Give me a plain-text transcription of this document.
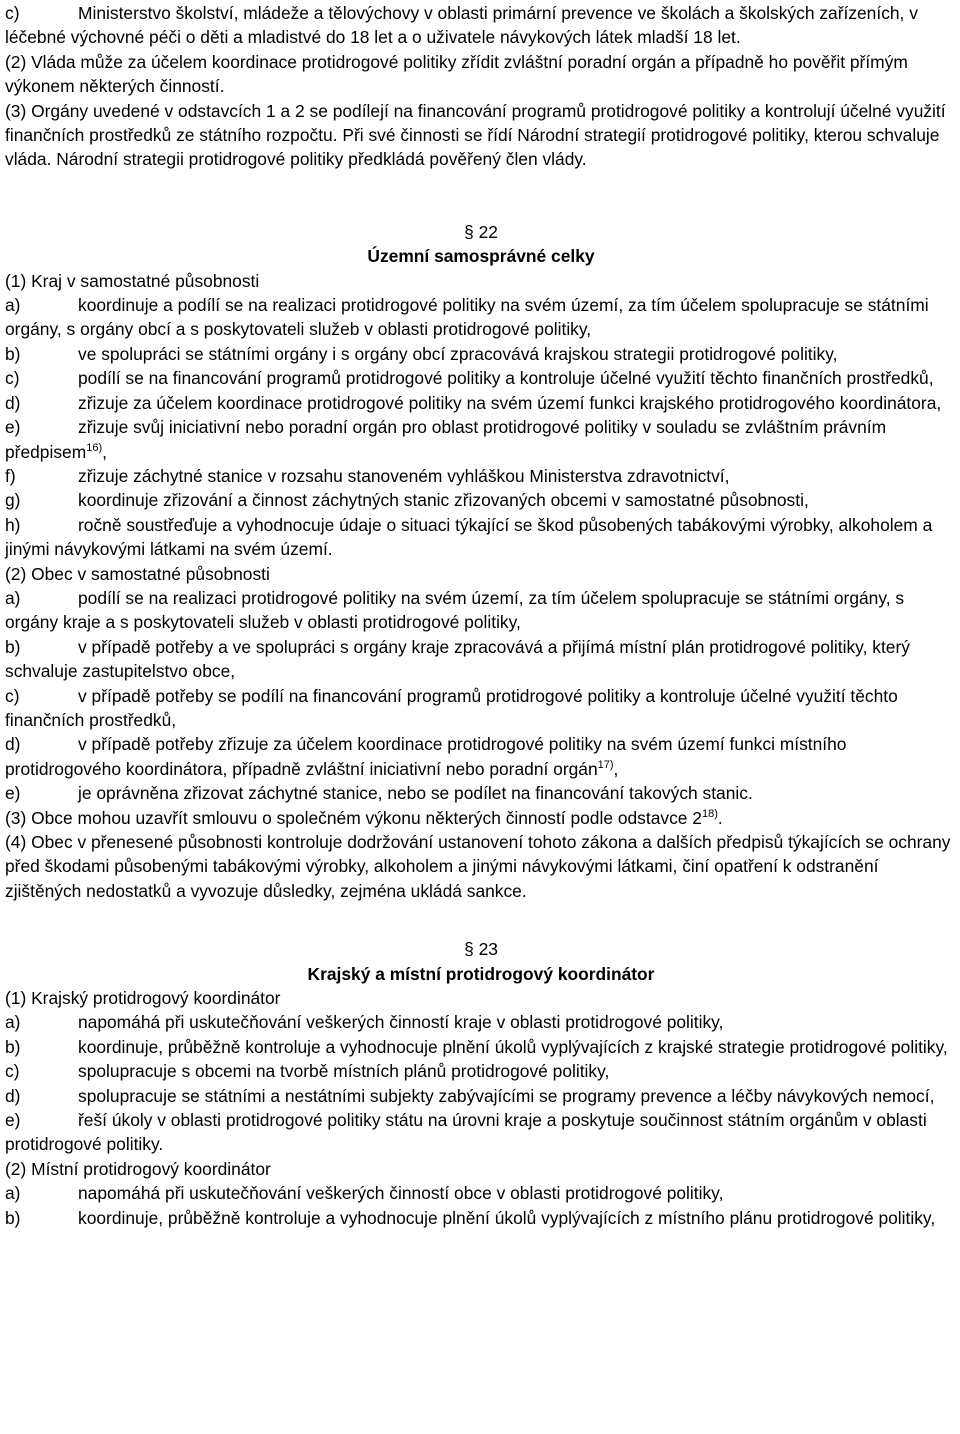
c)	Ministerstvo školství, mládeže a tělovýchovy v oblasti primární prevence ve školách a školských zařízeních, v léčebné výchovné péči o děti a mladistvé do 18 let a o uživatele návykových látek mladší 18 let.

(2) Vláda může za účelem koordinace protidrogové politiky zřídit zvláštní poradní orgán a případně ho pověřit přímým výkonem některých činností.

(3) Orgány uvedené v odstavcích 1 a 2 se podílejí na financování programů protidrogové politiky a kontrolují účelné využití finančních prostředků ze státního rozpočtu. Při své činnosti se řídí Národní strategií protidrogové politiky, kterou schvaluje vláda. Národní strategii protidrogové politiky předkládá pověřený člen vlády.

§ 22
Územní samosprávné celky

(1) Kraj v samostatné působnosti

a)	koordinuje a podílí se na realizaci protidrogové politiky na svém území, za tím účelem spolupracuje se státními orgány, s orgány obcí a s poskytovateli služeb v oblasti protidrogové politiky,

b)	ve spolupráci se státními orgány i s orgány obcí zpracovává krajskou strategii protidrogové politiky,

c)	podílí se na financování programů protidrogové politiky a kontroluje účelné využití těchto finančních prostředků,

d)	zřizuje za účelem koordinace protidrogové politiky na svém území funkci krajského protidrogového koordinátora,

e)	zřizuje svůj iniciativní nebo poradní orgán pro oblast protidrogové politiky v souladu se zvláštním právním předpisem$^{16)}$,

f)	zřizuje záchytné stanice v rozsahu stanoveném vyhláškou Ministerstva zdravotnictví,

g)	koordinuje zřizování a činnost záchytných stanic zřizovaných obcemi v samostatné působnosti,

h)	ročně soustřeďuje a vyhodnocuje údaje o situaci týkající se škod působených tabákovými výrobky, alkoholem a jinými návykovými látkami na svém území.

(2) Obec v samostatné působnosti

a)	podílí se na realizaci protidrogové politiky na svém území, za tím účelem spolupracuje se státními orgány, s orgány kraje a s poskytovateli služeb v oblasti protidrogové politiky,

b)	v případě potřeby a ve spolupráci s orgány kraje zpracovává a přijímá místní plán protidrogové politiky, který schvaluje zastupitelstvo obce,

c)	v případě potřeby se podílí na financování programů protidrogové politiky a kontroluje účelné využití těchto finančních prostředků,

d)	v případě potřeby zřizuje za účelem koordinace protidrogové politiky na svém území funkci místního protidrogového koordinátora, případně zvláštní iniciativní nebo poradní orgán$^{17)}$,

e)	je oprávněna zřizovat záchytné stanice, nebo se podílet na financování takových stanic.

(3) Obce mohou uzavřít smlouvu o společném výkonu některých činností podle odstavce 2$^{18)}$.

(4) Obec v přenesené působnosti kontroluje dodržování ustanovení tohoto zákona a dalších předpisů týkajících se ochrany před škodami působenými tabákovými výrobky, alkoholem a jinými návykovými látkami, činí opatření k odstranění zjištěných nedostatků a vyvozuje důsledky, zejména ukládá sankce.

§ 23
Krajský a místní protidrogový koordinátor

(1) Krajský protidrogový koordinátor

a)	napomáhá při uskutečňování veškerých činností kraje v oblasti protidrogové politiky,

b)	koordinuje, průběžně kontroluje a vyhodnocuje plnění úkolů vyplývajících z krajské strategie protidrogové politiky,

c)	spolupracuje s obcemi na tvorbě místních plánů protidrogové politiky,

d)	spolupracuje se státními a nestátními subjekty zabývajícími se programy prevence a léčby návykových nemocí,

e)	řeší úkoly v oblasti protidrogové politiky státu na úrovni kraje a poskytuje součinnost státním orgánům v oblasti protidrogové politiky.

(2) Místní protidrogový koordinátor

a)	napomáhá při uskutečňování veškerých činností obce v oblasti protidrogové politiky,

b)	koordinuje, průběžně kontroluje a vyhodnocuje plnění úkolů vyplývajících z místního plánu protidrogové politiky,
